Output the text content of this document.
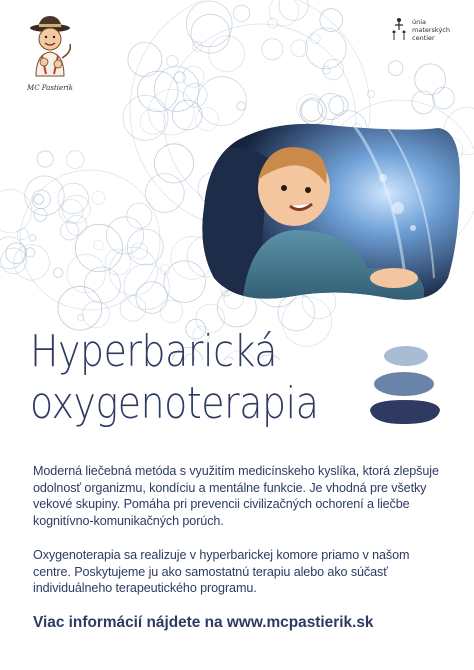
MC Pastierik
únia
materských
centier
Hyperbarická
oxygenoterapia
Moderná liečebná metóda s využitím medicínskeho kyslíka, ktorá zlepšuje odolnosť organizmu, kondíciu a mentálne funkcie. Je vhodná pre všetky vekové skupiny. Pomáha pri prevencii civilizačných ochorení a liečbe kognitívno-komunikačných porúch.
Oxygenoterapia sa realizuje v hyperbarickej komore priamo v našom centre. Poskytujeme ju ako samostatnú terapiu alebo ako súčasť individuálneho terapeutického programu.
Viac informácií nájdete na www.mcpastierik.sk
